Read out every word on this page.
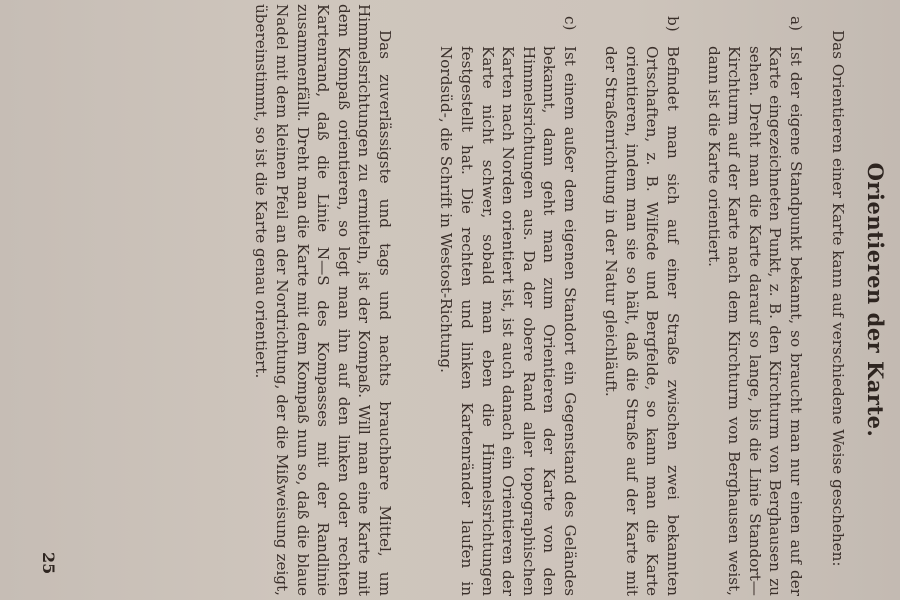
Orientieren der Karte.

Das Orientieren einer Karte kann auf verschiedene Weise geschehen:

a)
Ist der eigene Standpunkt bekannt, so braucht man nur einen auf der Karte eingezeichneten Punkt, z. B. den Kirchturm von Berghausen zu sehen. Dreht man die Karte darauf so lange, bis die Linie Standort—Kirchturm auf der Karte nach dem Kirchturm von Berghausen weist, dann ist die Karte orientiert.
b)
Befindet man sich auf einer Straße zwischen zwei bekannten Ortschaften, z. B. Wilfede und Bergfelde, so kann man die Karte orientieren, indem man sie so hält, daß die Straße auf der Karte mit der Straßenrichtung in der Natur gleichläuft.
c)
Ist einem außer dem eigenen Standort ein Gegenstand des Geländes bekannt, dann geht man zum Orientieren der Karte von den Himmelsrichtungen aus. Da der obere Rand aller topographischen Karten nach Norden orientiert ist, ist auch danach ein Orientieren der Karte nicht schwer, sobald man eben die Himmelsrichtungen festgestellt hat. Die rechten und linken Kartenränder laufen in Nordsüd-, die Schrift in Westost-Richtung.

Das zuverlässigste und tags und nachts brauchbare Mittel, um Himmelsrichtungen zu ermitteln, ist der Kompaß. Will man eine Karte mit dem Kompaß orientieren, so legt man ihn auf den linken oder rechten Kartenrand, daß die Linie N—S des Kompasses mit der Randlinie zusammenfällt. Dreht man die Karte mit dem Kompaß nun so, daß die blaue Nadel mit dem kleinen Pfeil an der Nordrichtung, der die Mißweisung zeigt, übereinstimmt, so ist die Karte genau orientiert.

25
